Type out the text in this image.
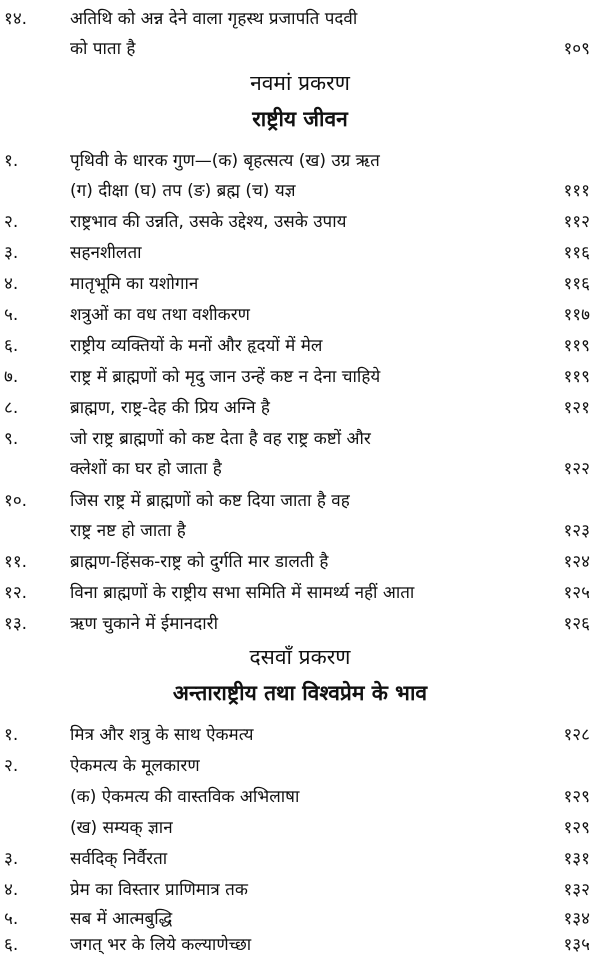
१४.	अतिथि को अन्न देने वाला गृहस्थ प्रजापति पदवी
को पाता है	१०९
नवमां प्रकरण
राष्ट्रीय जीवन
१.	पृथिवी के धारक गुण—(क) बृहत्सत्य (ख) उग्र ऋत
(ग) दीक्षा (घ) तप (ङ) ब्रह्म (च) यज्ञ	१११
२.	राष्ट्रभाव की उन्नति, उसके उद्देश्य, उसके उपाय	११२
३.	सहनशीलता	११६
४.	मातृभूमि का यशोगान	११६
५.	शत्रुओं का वध तथा वशीकरण	११७
६.	राष्ट्रीय व्यक्तियों के मनों और हृदयों में मेल	११९
७.	राष्ट्र में ब्राह्मणों को मृदु जान उन्हें कष्ट न देना चाहिये	११९
८.	ब्राह्मण, राष्ट्र-देह की प्रिय अग्नि है	१२१
९.	जो राष्ट्र ब्राह्मणों को कष्ट देता है वह राष्ट्र कष्टों और
क्लेशों का घर हो जाता है	१२२
१०.	जिस राष्ट्र में ब्राह्मणों को कष्ट दिया जाता है वह
राष्ट्र नष्ट हो जाता है	१२३
११.	ब्राह्मण-हिंसक-राष्ट्र को दुर्गति मार डालती है	१२४
१२.	विना ब्राह्मणों के राष्ट्रीय सभा समिति में सामर्थ्य नहीं आता	१२५
१३.	ऋण चुकाने में ईमानदारी	१२६
दसवाँ प्रकरण
अन्ताराष्ट्रीय तथा विश्वप्रेम के भाव
१.	मित्र और शत्रु के साथ ऐकमत्य	१२८
२.	ऐकमत्य के मूलकारण
(क) ऐकमत्य की वास्तविक अभिलाषा	१२९
(ख) सम्यक् ज्ञान	१२९
३.	सर्वदिक् निर्वैरता	१३१
४.	प्रेम का विस्तार प्राणिमात्र तक	१३२
५.	सब में आत्मबुद्धि	१३४
६.	जगत् भर के लिये कल्याणेच्छा	१३५
